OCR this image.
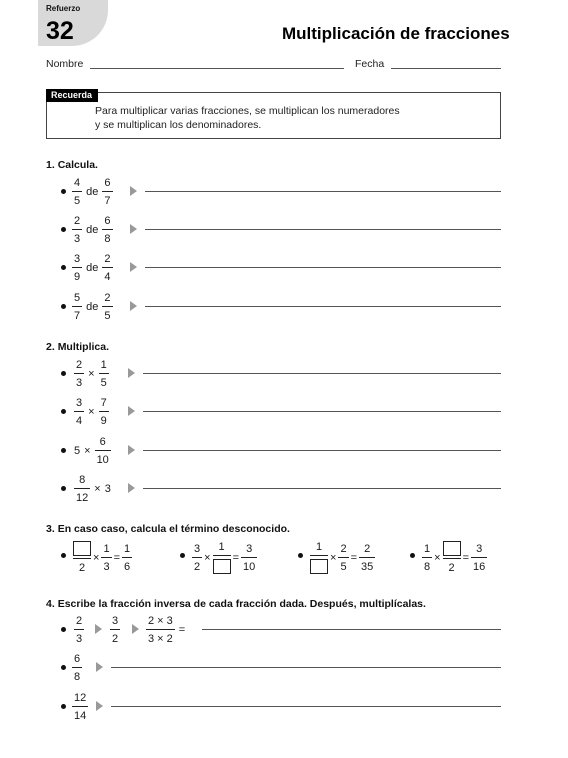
Refuerzo
32	Multiplicación de fracciones
Nombre	Fecha
Recuerda
Para multiplicar varias fracciones, se multiplican los numeradores
y se multiplican los denominadores.
1. Calcula.
2. Multiplica.
3. En caso caso, calcula el término desconocido.
4. Escribe la fracción inversa de cada fracción dada. Después, multiplícalas.
4
5
de
6
7
2
3
de
6
8
3
9
de
2
4
5
7
de
2
5
2
3
×
1
5
3
4
×
7
9
5 ×
6
10
8
12
× 3
2
×
1
3
=
1
6
3
2
×
1
=
3
10
1
×
2
5
=
2
35
1
8
×
2
=
3
16
2
3
3
2
2 × 3
3 × 2
=
6
8
12
14
